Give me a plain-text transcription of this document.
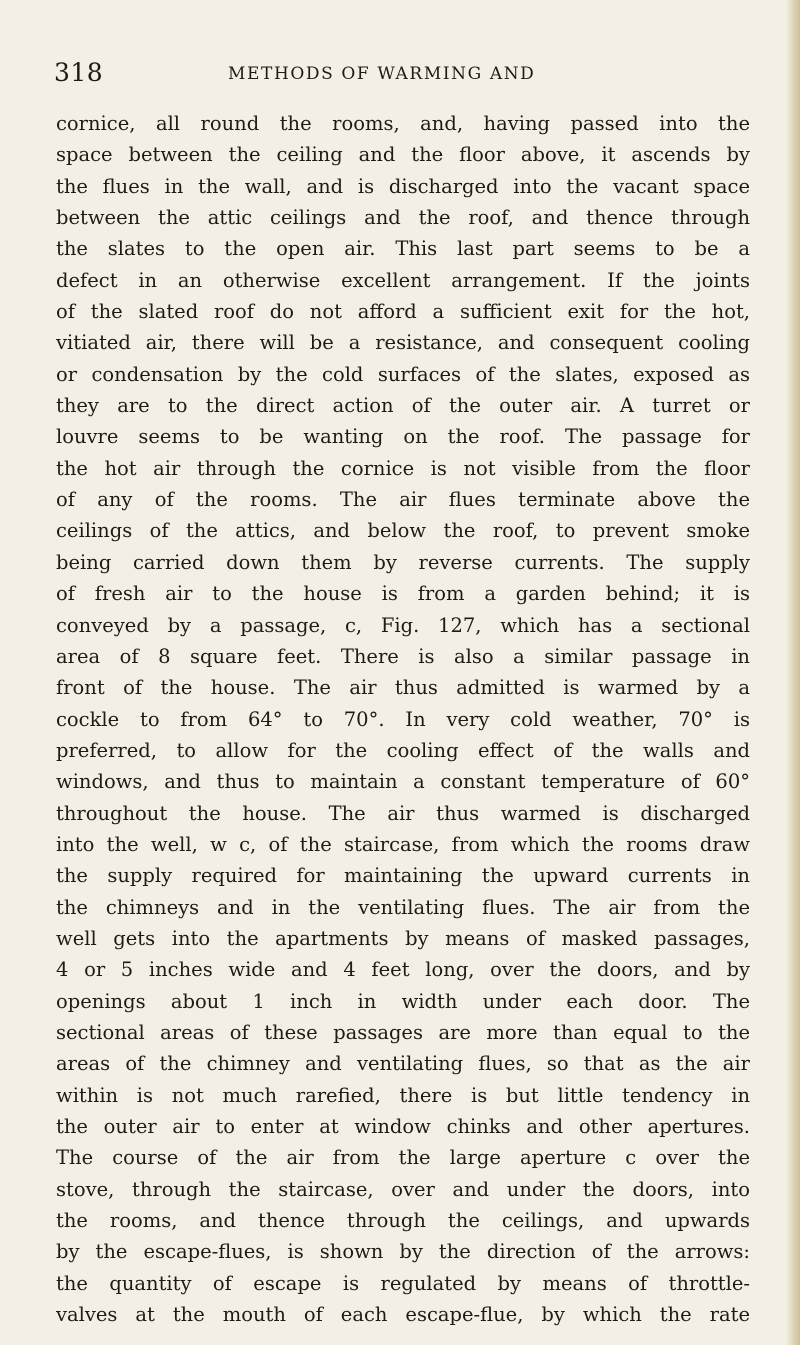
318	METHODS OF WARMING AND
cornice, all round the rooms, and, having passed into the
space between the ceiling and the floor above, it ascends by
the flues in the wall, and is discharged into the vacant space
between the attic ceilings and the roof, and thence through
the slates to the open air. This last part seems to be a
defect in an otherwise excellent arrangement. If the joints
of the slated roof do not afford a sufficient exit for the hot,
vitiated air, there will be a resistance, and consequent cooling
or condensation by the cold surfaces of the slates, exposed as
they are to the direct action of the outer air. A turret or
louvre seems to be wanting on the roof. The passage for
the hot air through the cornice is not visible from the floor
of any of the rooms. The air flues terminate above the
ceilings of the attics, and below the roof, to prevent smoke
being carried down them by reverse currents. The supply
of fresh air to the house is from a garden behind; it is
conveyed by a passage, c, Fig. 127, which has a sectional
area of 8 square feet. There is also a similar passage in
front of the house. The air thus admitted is warmed by a
cockle to from 64° to 70°. In very cold weather, 70° is
preferred, to allow for the cooling effect of the walls and
windows, and thus to maintain a constant temperature of 60°
throughout the house. The air thus warmed is discharged
into the well, w c, of the staircase, from which the rooms draw
the supply required for maintaining the upward currents in
the chimneys and in the ventilating flues. The air from the
well gets into the apartments by means of masked passages,
4 or 5 inches wide and 4 feet long, over the doors, and by
openings about 1 inch in width under each door. The
sectional areas of these passages are more than equal to the
areas of the chimney and ventilating flues, so that as the air
within is not much rarefied, there is but little tendency in
the outer air to enter at window chinks and other apertures.
The course of the air from the large aperture c over the
stove, through the staircase, over and under the doors, into
the rooms, and thence through the ceilings, and upwards
by the escape-flues, is shown by the direction of the arrows:
the quantity of escape is regulated by means of throttle-
valves at the mouth of each escape-flue, by which the rate
